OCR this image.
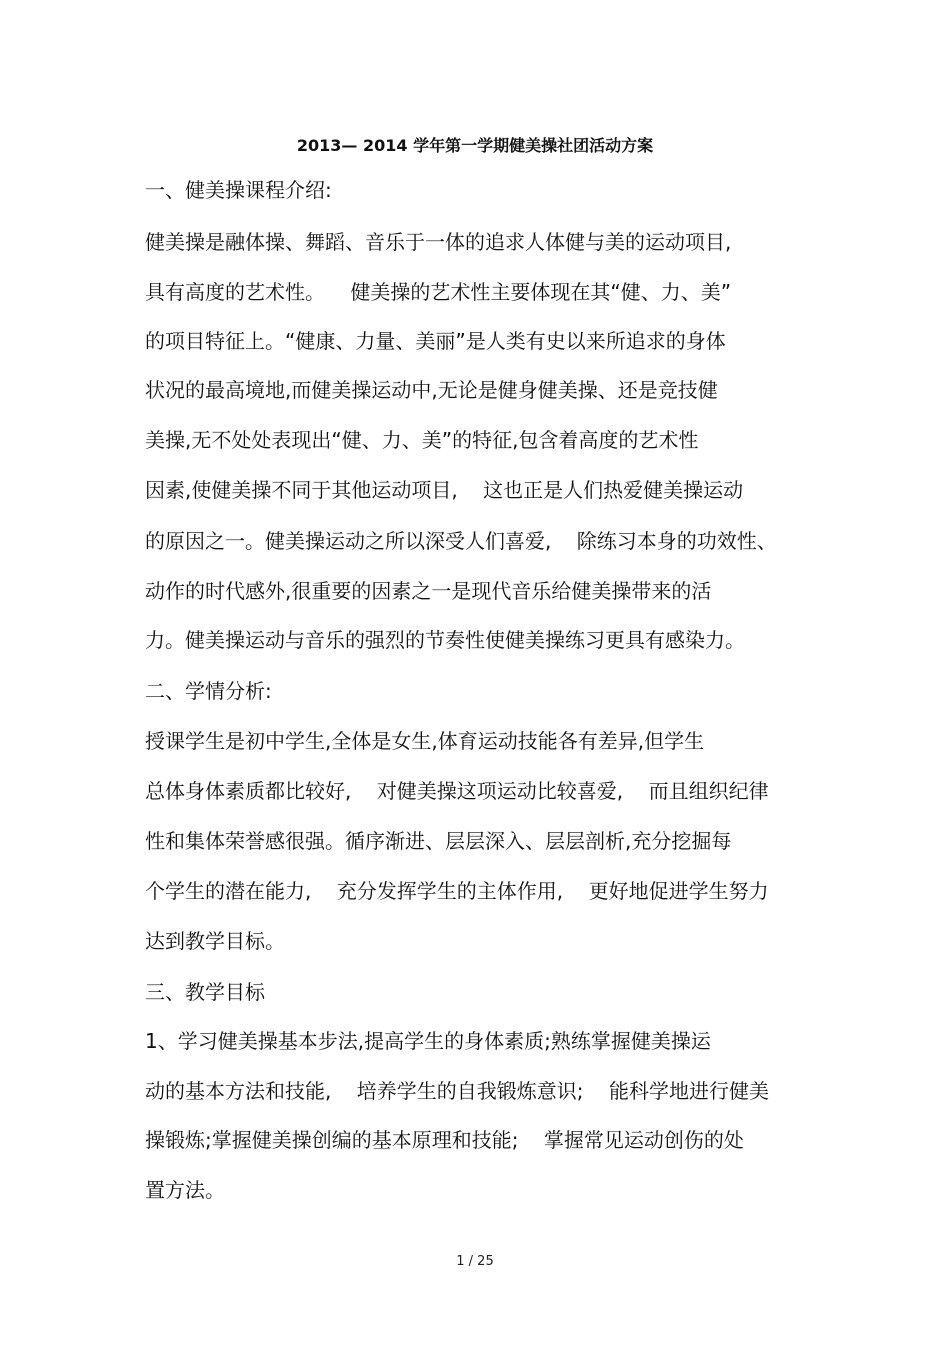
2013— 2014 学年第一学期健美操社团活动方案
一、健美操课程介绍:
健美操是融体操、舞蹈、音乐于一体的追求人体健与美的运动项目,
具有高度的艺术性。    健美操的艺术性主要体现在其“健、力、美”
的项目特征上。“健康、力量、美丽”是人类有史以来所追求的身体
状况的最高境地,而健美操运动中,无论是健身健美操、还是竞技健
美操,无不处处表现出“健、力、美”的特征,包含着高度的艺术性
因素,使健美操不同于其他运动项目,    这也正是人们热爱健美操运动
的原因之一。健美操运动之所以深受人们喜爱,    除练习本身的功效性、
动作的时代感外,很重要的因素之一是现代音乐给健美操带来的活
力。健美操运动与音乐的强烈的节奏性使健美操练习更具有感染力。
二、学情分析:
授课学生是初中学生,全体是女生,体育运动技能各有差异,但学生
总体身体素质都比较好,    对健美操这项运动比较喜爱,    而且组织纪律
性和集体荣誉感很强。循序渐进、层层深入、层层剖析,充分挖掘每
个学生的潜在能力,    充分发挥学生的主体作用,    更好地促进学生努力
达到教学目标。
三、教学目标
1、学习健美操基本步法,提高学生的身体素质;熟练掌握健美操运
动的基本方法和技能,    培养学生的自我锻炼意识;    能科学地进行健美
操锻炼;掌握健美操创编的基本原理和技能;    掌握常见运动创伤的处
置方法。
1 / 25
